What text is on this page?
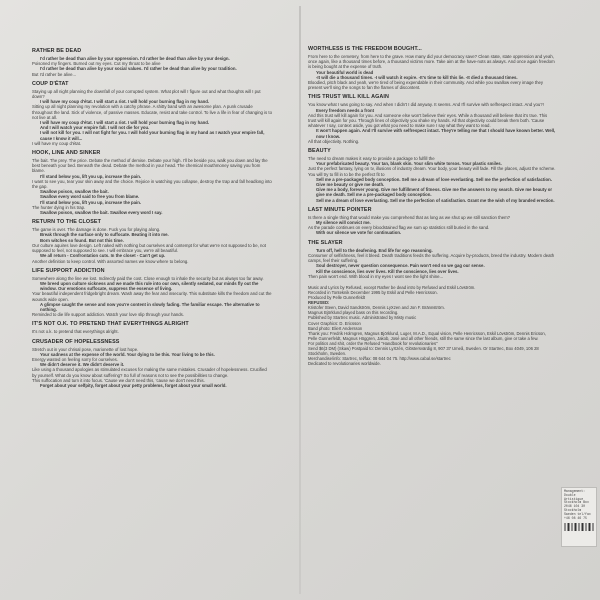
RATHER BE DEAD
I'd rather be dead than alive by your oppression. I'd rather be dead than alive by your design.
Poisoned my fingers. Burned out my eyes. Cut my throat to be alive
I'd rather be dead than alive by your social values. I'd rather be dead than alive by your tradition.
But I'd rather be alive...
COUP D'ÉTAT
Staying up all night planning the downfall of your corrupted system. What plot will I figure out and what thoughts will I put down?
I will have my coup d'état. I will start a riot. I will hold your burning flag in my hand.
Sitting up all night planning my revolution with a catchy phrase. A shitty band with an awesome plan. A punk crusade throughout the land. Sick of violence, of passive masses. Educate, resist and take control. To live a life in fear of changing is to not live at all.
I will have my coup d'état. I will start a riot. I will hold your burning flag in my hand.
And I will watch your empire fall. I will not die for you.
I will not kill for you. I will not fight for you. I will hold your burning flag in my hand as I watch your empire fall, cause I know it will...
I will have my coup d'état.
HOOK, LINE AND SINKER
The bait. The prey. The price. Debate the method of demise. Debate your high. I'll be beside you, walk you down and lay the best beneath your bed. Beneath the dead. Debate the method in your head. The chemical mouthmoney saving you from blame.
I'll stand below you, lift you up, increase the pain.
I want to see you, tear your skin away and the choice. Rejoice in watching you collapse, destroy the trap and fall headlong into the gap.
Swallow poison, swallow the bait.
Swallow every word said to free you from blame.
I'll stand below you, lift you up, increase the pain.
The hunter dying in his trap.
Swallow poison, swallow the bait. Swallow every word I say.
RETURN TO THE CLOSET
The game is over. The damage is done. Fuck you for playing along.
Break through the surface only to suffocate. Beating it into me.
Born witches so found. But not this time.
Our culture aquires love design. Left naked with nothing but ourselves and contempt for what we're not supposed to be, not supposed to feel, not supposed to see. I will embrace you, we're all beautiful.
We all return - Confrontation cuts. In the closet - Can't get up.
Another definition to keep control. With assorted names we know where to belong.
LIFE SUPPORT ADDICTION
Somewhere along the line we lost. Indirectly paid the cost. Close enough to inhale the security but as always too far away.
We breed upon culture sickness and we made this rule into our own, silently sedated, our minds fly out the window. Our emotions suffocate, suppress the essence of living.
Your beautiful independent fridgebright dream. Wash away the fear and insecurity. This substitute kills the freedom and cut the wounds wide open.
A glimpse caught the sense and now you're content in slowly fading. The familiar escape. The alternative to nothing.
Reminded to die life support addiction. Watch your love slip through your hands.
IT'S NOT O.K. TO PRETEND THAT EVERYTHINGS ALRIGHT
It's not o.k. to pretend that everythings alright.
CRUSADER OF HOPELESSNESS
Stretch out in your chrisal pose, marionette of lost hope.
Your sadness at the expense of the world. Your dying to be this. Your living to be this.
Energy wasted on feeling sorry for ourselves.
We didn't deserve it. We didn't deserve it.
Like using a thousand apologies as stimulated excuses for making the same mistakes. Crusader of hopelessness. Crucified by yourself. What do you know about suffering? So full of reasons not to see the possibilities to change.
This suffocation and turn it into focus. 'Cause we don't need this, 'cause we don't need this.
Forget about your selfpity, forget about your petty problems, forget about your small world.
WORTHLESS IS THE FREEDOM BOUGHT...
From here to the cemetery, from here to the grave. How many did your democracy save? Clean state, state oppression and yeah, once again, like a thousand times before, a thousand victims more. Take aim at the have-nots as always. And once again freedom is being bought at the expense of truth.
Your beautiful world is dead
-It will die a thousand times. -I will watch it expire. -It's time to kill this lie. -It died a thousand times.
Bloodied, pitch black and yeah, we're tired of being expendable in their community. And while you swallow every image they present we'll sing the songs to fan the flames of discontent.
THIS TRUST WILL KILL AGAIN
You know what I was going to say. And when I didn't I did anyway. It seems. And I'll survive with selfrespect intact. And you?!
Every freedom needs a front
And this trust will kill again for you. And someone else won't believe their eyes. While a thousand will believe that it's true. This trust will kill again for you. Through lines of objectivity you shake my hands. All that objectivity could break them both. 'Cause whatever I say, context aside, you got what you need to make sure I say what they want to read.
It won't happen again. And I'll survive with selfrespect intact. They're telling me that I should have known better. Well, now I know.
All that objectivity. Nothing.
BEAUTY
The need to dream makes it easy to provide a package to fulfill the
Your prefabricated beauty. Your tan, blank skin. Your slim white torsos. Your plastic smiles.
Just the perfect fantasy, lying on tv, illusions of industry dream. Your body, your beauty will fade. Fill the places, adjust the scheme. You will try to fill in to be the perfect fit to
Sell me a pre-packaged body conception. Sell me a dream of love everlasting. Sell me the perfection of satisfaction. Give me beauty or give me death.
Give me a body, forever young. Give me fulfillment of fitness. Give me the answers to my search. Give me beauty or give me death. Sell me a pre-packaged body conception.
Sell me a dream of love everlasting. Sell me the perfection of satisfaction. Grant me the wish of my branded erection.
LAST MINUTE POINTER
Is there a single thing that would make you comprehend that as long as we shut up we still sanction them?
My silence will convict me.
As the parade continues on every bloodstained flag we sum up statistics still buried in the sand.
With our silence we vote for continuation.
THE SLAYER
Turn off, hell to the deafening. End life for ego reasoning.
Consumer of selfishness, feel it bleed. Death traditions feeds the suffering. Acquire by-products, breed the industry. Modern death camps, feel their suffering.
Soul destroyer, never question consequence. Pain won't end so we gag our sense.
Kill the conscience, lies over lives. Kill the conscience, lies over lives.
Then pain won't end. With blood in my eyes I wont see the light shine...
Music and Lyrics by Refused, except Rather be dead intro by Refused and Eskil Lövström.
Recorded in Tonteknik December 1995 by Eskil and Pelle Henricsson.
Produced by Pelle Gunnerfeldt
REFUSED:
Kristofer Steen, David Sandström, Dennis LyXzen and Jon F. Brännström.
Magnus Björklund played bass on this recording.
Published by Startrec music. Administrated by Misty music
Cover Graphics: D. Ericsson
Band photo: Eliert Andersson
Thank you: Fredrik Holmgren, Magnus Björklund, Luger, M.A.D., Equal vision, Pelle Henricsson, Eskil Lövström, Dennis Ericson, Pelle Gunnerfeldt, Magnus Höggren, Jakob, José and all other friends, still the same since the last album, give or take a few.
For politics and shit, order the Refused "Handbook for revolutionaries"
Send $6(3 DM) (Skaw) Postpaid to: Dennis LyXzén, Glöstersvärdig 8, 907 37 Umeå, Sweden. Or Startrec, Box 4049, 106 28 Stockholm, Sweden.
Merchandise/info: Startrec, tel/fax: 08 644 04 75. http://www.cabal.se/startrec
Dedicated to revolutionaries worldwide.
Management: Double Artistique Stockholm Box 2046 104 30 Stockholm Sweden tel/fax +46 08 46 75
